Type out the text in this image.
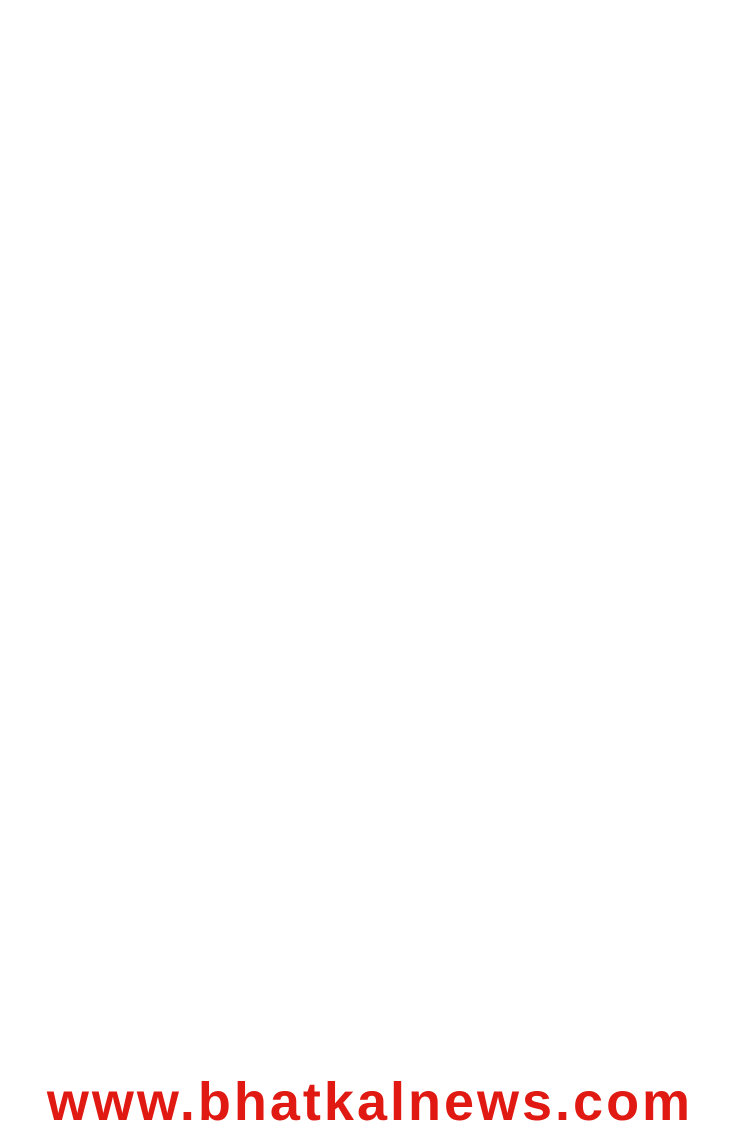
www.bhatkalnews.com
